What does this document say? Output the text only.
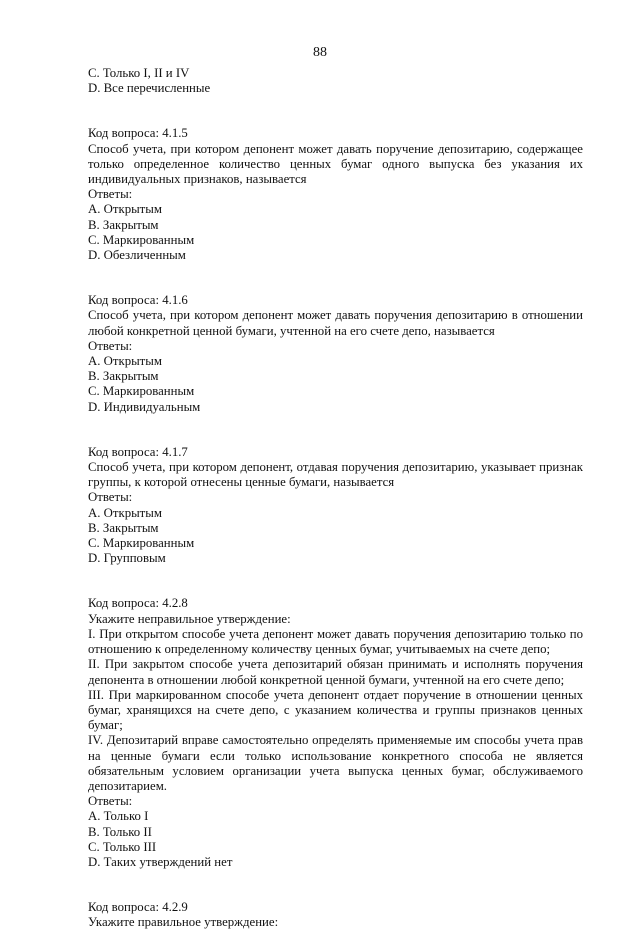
88
C. Только I, II и IV
D. Все перечисленные
Код вопроса: 4.1.5
Способ учета, при котором депонент может давать поручение депозитарию, содержащее
только определенное количество ценных бумаг одного выпуска без указания их
индивидуальных признаков, называется
Ответы:
A. Открытым
B. Закрытым
C. Маркированным
D. Обезличенным
Код вопроса: 4.1.6
Способ учета, при котором депонент может давать поручения депозитарию в отношении
любой конкретной ценной бумаги, учтенной на его счете депо, называется
Ответы:
A. Открытым
B. Закрытым
C. Маркированным
D. Индивидуальным
Код вопроса: 4.1.7
Способ учета, при котором депонент, отдавая поручения депозитарию, указывает признак
группы, к которой отнесены ценные бумаги, называется
Ответы:
A. Открытым
B. Закрытым
C. Маркированным
D. Групповым
Код вопроса: 4.2.8
Укажите неправильное утверждение:
I. При открытом способе учета депонент может давать поручения депозитарию только по
отношению к определенному количеству ценных бумаг, учитываемых на счете депо;
II. При закрытом способе учета депозитарий обязан принимать и исполнять поручения
депонента в отношении любой конкретной ценной бумаги, учтенной на его счете депо;
III. При маркированном способе учета депонент отдает поручение в отношении ценных
бумаг, хранящихся на счете депо, с указанием количества и группы признаков ценных
бумаг;
IV. Депозитарий вправе самостоятельно определять применяемые им способы учета прав
на ценные бумаги если только использование конкретного способа не является
обязательным условием организации учета выпуска ценных бумаг, обслуживаемого
депозитарием.
Ответы:
A. Только I
B. Только II
C. Только III
D. Таких утверждений нет
Код вопроса: 4.2.9
Укажите правильное утверждение:
